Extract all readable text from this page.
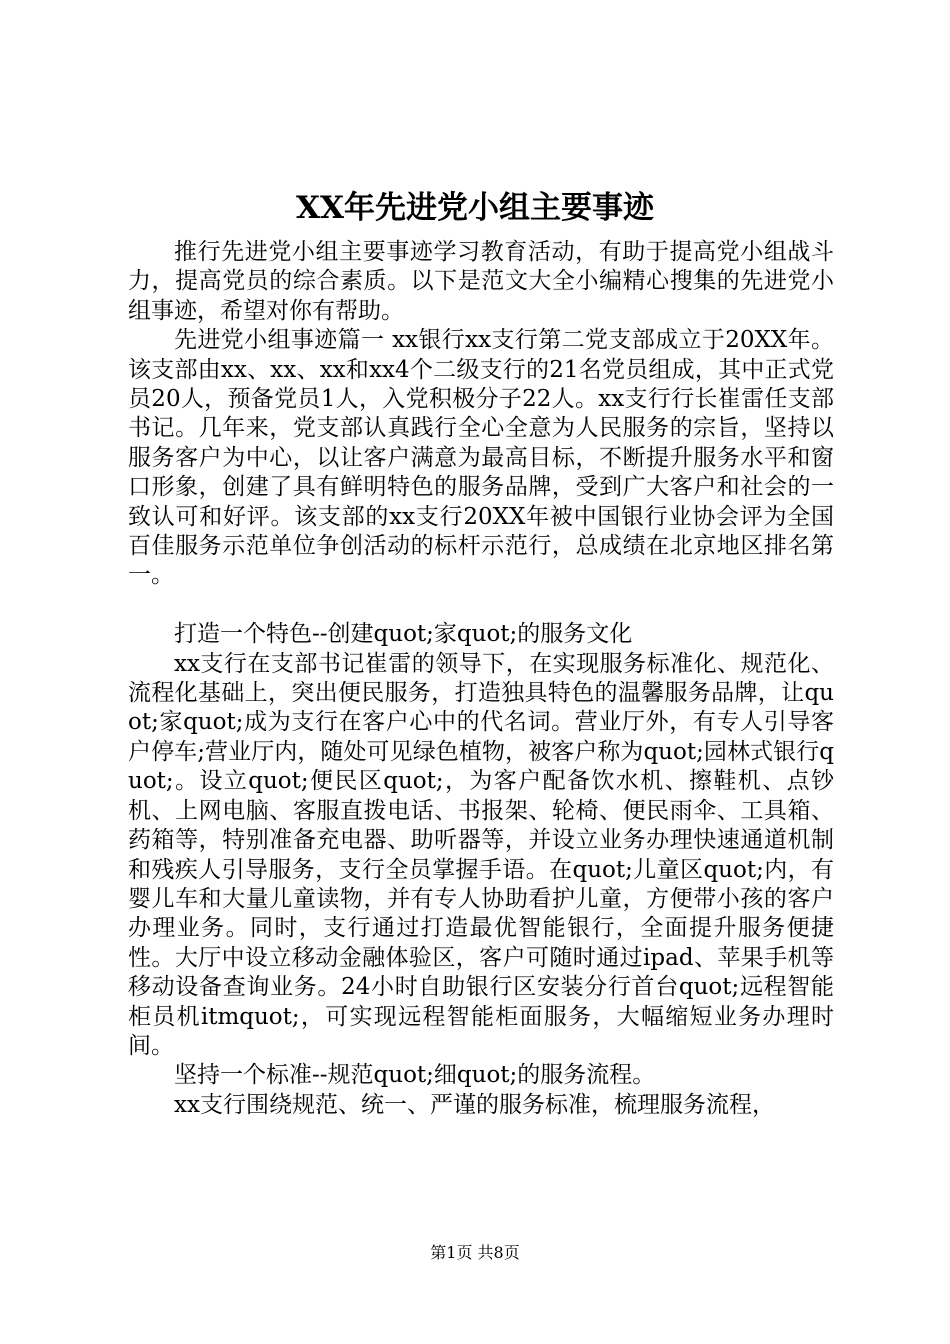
XX年先进党小组主要事迹

推行先进党小组主要事迹学习教育活动，有助于提高党小组战斗力，提高党员的综合素质。以下是范文大全小编精心搜集的先进党小组事迹，希望对你有帮助。

先进党小组事迹篇一 xx银行xx支行第二党支部成立于20XX年。该支部由xx、xx、xx和xx4个二级支行的21名党员组成，其中正式党员20人，预备党员1人，入党积极分子22人。xx支行行长崔雷任支部书记。几年来，党支部认真践行全心全意为人民服务的宗旨，坚持以服务客户为中心，以让客户满意为最高目标，不断提升服务水平和窗口形象，创建了具有鲜明特色的服务品牌，受到广大客户和社会的一致认可和好评。该支部的xx支行20XX年被中国银行业协会评为全国百佳服务示范单位争创活动的标杆示范行，总成绩在北京地区排名第一。

打造一个特色--创建quot;家quot;的服务文化

xx支行在支部书记崔雷的领导下，在实现服务标准化、规范化、流程化基础上，突出便民服务，打造独具特色的温馨服务品牌，让quot;家quot;成为支行在客户心中的代名词。营业厅外，有专人引导客户停车;营业厅内，随处可见绿色植物，被客户称为quot;园林式银行quot;。设立quot;便民区quot;，为客户配备饮水机、擦鞋机、点钞机、上网电脑、客服直拨电话、书报架、轮椅、便民雨伞、工具箱、药箱等，特别准备充电器、助听器等，并设立业务办理快速通道机制和残疾人引导服务，支行全员掌握手语。在quot;儿童区quot;内，有婴儿车和大量儿童读物，并有专人协助看护儿童，方便带小孩的客户办理业务。同时，支行通过打造最优智能银行，全面提升服务便捷性。大厅中设立移动金融体验区，客户可随时通过ipad、苹果手机等移动设备查询业务。24小时自助银行区安装分行首台quot;远程智能柜员机itmquot;，可实现远程智能柜面服务，大幅缩短业务办理时间。

坚持一个标准--规范quot;细quot;的服务流程。

xx支行围绕规范、统一、严谨的服务标准，梳理服务流程，

第1页 共8页
